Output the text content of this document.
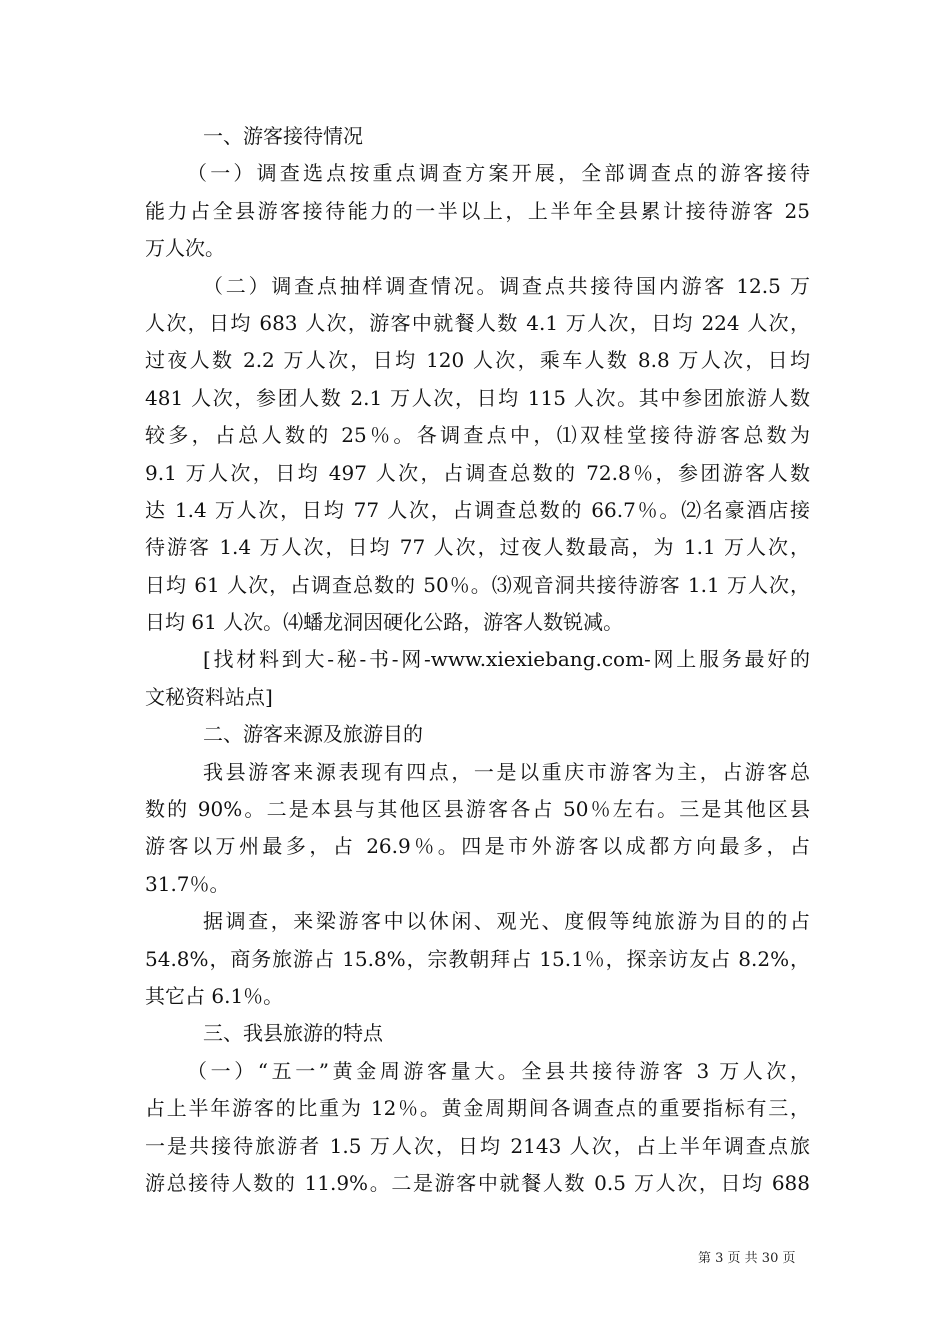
一、游客接待情况
（一）调查选点按重点调查方案开展，全部调查点的游客接待
能力占全县游客接待能力的一半以上，上半年全县累计接待游客 25
万人次。
（二）调查点抽样调查情况。调查点共接待国内游客 12.5 万
人次，日均 683 人次，游客中就餐人数 4.1 万人次，日均 224 人次，
过夜人数 2.2 万人次，日均 120 人次，乘车人数 8.8 万人次，日均
481 人次，参团人数 2.1 万人次，日均 115 人次。其中参团旅游人数
较多，占总人数的 25％。各调查点中，⑴双桂堂接待游客总数为
9.1 万人次，日均 497 人次，占调查总数的 72.8％，参团游客人数
达 1.4 万人次，日均 77 人次，占调查总数的 66.7％。⑵名豪酒店接
待游客 1.4 万人次，日均 77 人次，过夜人数最高，为 1.1 万人次，
日均 61 人次，占调查总数的 50％。⑶观音洞共接待游客 1.1 万人次，
日均 61 人次。⑷蟠龙洞因硬化公路，游客人数锐减。
[找材料到大-秘-书-网-www.xiexiebang.com-网上服务最好的
文秘资料站点]
二、游客来源及旅游目的
我县游客来源表现有四点，一是以重庆市游客为主，占游客总
数的 90%。二是本县与其他区县游客各占 50％左右。三是其他区县
游客以万州最多，占 26.9％。四是市外游客以成都方向最多，占
31.7％。
据调查，来梁游客中以休闲、观光、度假等纯旅游为目的的占
54.8%，商务旅游占 15.8%，宗教朝拜占 15.1％，探亲访友占 8.2%，
其它占 6.1％。
三、我县旅游的特点
（一）“五一”黄金周游客量大。全县共接待游客 3 万人次，
占上半年游客的比重为 12％。黄金周期间各调查点的重要指标有三，
一是共接待旅游者 1.5 万人次，日均 2143 人次，占上半年调查点旅
游总接待人数的 11.9%。二是游客中就餐人数 0.5 万人次，日均 688
第 3 页 共 30 页
